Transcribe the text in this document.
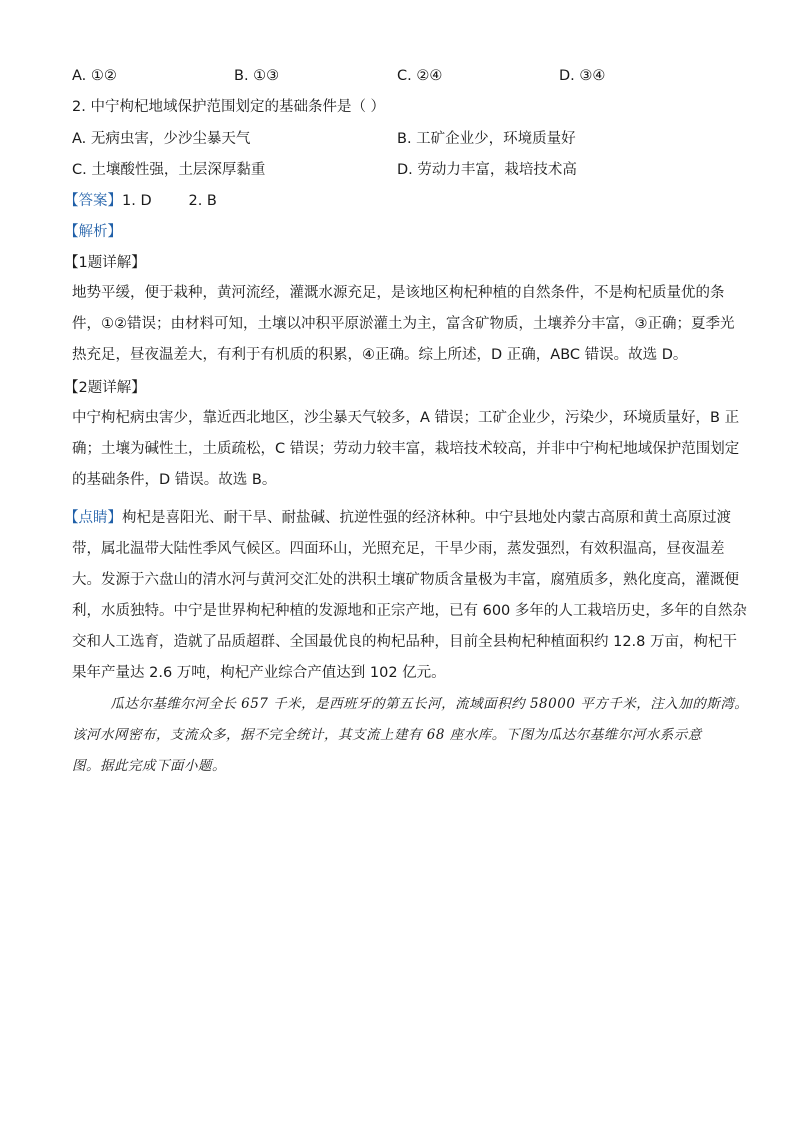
A. ①②	B. ①③	C. ②④	D. ③④
2. 中宁枸杞地域保护范围划定的基础条件是（ ）
A. 无病虫害，少沙尘暴天气	B. 工矿企业少，环境质量好
C. 土壤酸性强，土层深厚黏重	D. 劳动力丰富，栽培技术高
【答案】1. D        2. B
【解析】
【1题详解】
地势平缓，便于栽种，黄河流经，灌溉水源充足，是该地区枸杞种植的自然条件，不是枸杞质量优的条
件，①②错误；由材料可知，土壤以冲积平原淤灌土为主，富含矿物质，土壤养分丰富，③正确；夏季光
热充足，昼夜温差大，有利于有机质的积累，④正确。综上所述，D 正确，ABC 错误。故选 D。
【2题详解】
中宁枸杞病虫害少，靠近西北地区，沙尘暴天气较多，A 错误；工矿企业少，污染少，环境质量好，B 正
确；土壤为碱性土，土质疏松，C 错误；劳动力较丰富，栽培技术较高，并非中宁枸杞地域保护范围划定
的基础条件，D 错误。故选 B。
【点睛】枸杞是喜阳光、耐干旱、耐盐碱、抗逆性强的经济林种。中宁县地处内蒙古高原和黄土高原过渡
带，属北温带大陆性季风气候区。四面环山，光照充足，干旱少雨，蒸发强烈，有效积温高，昼夜温差
大。发源于六盘山的清水河与黄河交汇处的洪积土壤矿物质含量极为丰富，腐殖质多，熟化度高，灌溉便
利，水质独特。中宁是世界枸杞种植的发源地和正宗产地，已有 600 多年的人工栽培历史，多年的自然杂
交和人工选育，造就了品质超群、全国最优良的枸杞品种，目前全县枸杞种植面积约 12.8 万亩，枸杞干
果年产量达 2.6 万吨，枸杞产业综合产值达到 102 亿元。
瓜达尔基维尔河全长 657 千米，是西班牙的第五长河，流域面积约 58000 平方千米，注入加的斯湾。
该河水网密布，支流众多，据不完全统计，其支流上建有 68 座水库。下图为瓜达尔基维尔河水系示意
图。据此完成下面小题。
